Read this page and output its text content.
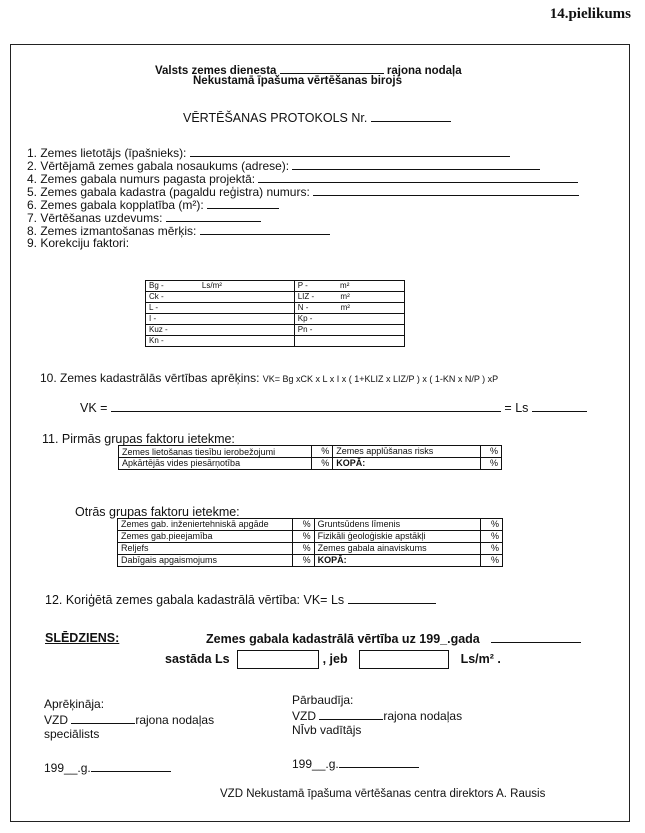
14.pielikums
Valsts zemes dienesta	rajona nodaļa
Nekustamā īpašuma vērtēšanas birojs
VĒRTĒŠANAS PROTOKOLS Nr.
1. Zemes lietotājs (īpašnieks):
2. Vērtējamā zemes gabala nosaukums (adrese):
4. Zemes gabala numurs pagasta projektā:
5. Zemes gabala kadastra (pagaldu reģistra) numurs:
6. Zemes gabala kopplatība (m²):
7. Vērtēšanas uzdevums:
8. Zemes izmantošanas mērķis:
9. Korekciju faktori:
Bg - Ls/m²	P - m²
Ck -	LIZ - m²
L -	N - m²
I -	Kp -
Kuz -	Pn -
Kn -	
10. Zemes kadastrālās vērtības aprēķins: VK= Bg xCK x L x I x ( 1+KLIZ x LIZ/P ) x ( 1-KN x N/P ) xP
VK =	= Ls
11. Pirmās grupas faktoru ietekme:
Zemes lietošanas tiesību ierobežojumi	%	Zemes applūšanas risks	%
Apkārtējās vides piesārņotība	%	KOPĀ:	%
Otrās grupas faktoru ietekme:
Zemes gab. inženiertehniskā apgāde	%	Gruntsūdens līmenis	%
Zemes gab.pieejamība	%	Fizikāli ģeoloģiskie apstākļi	%
Reljefs	%	Zemes gabala ainaviskums	%
Dabīgais apgaismojums	%	KOPĀ:	%
12. Koriģētā zemes gabala kadastrālā vērtība: VK= Ls
SLĒDZIENS:	Zemes gabala kadastrālā vērtība uz 199_.gada
sastāda Ls	, jeb	Ls/m² .
Aprēķināja:
VZD	rajona nodaļas
speciālists
199__.g.
Pārbaudīja:
VZD	rajona nodaļas
NĪvb vadītājs
199__.g.
VZD Nekustamā īpašuma vērtēšanas centra direktors A. Rausis
